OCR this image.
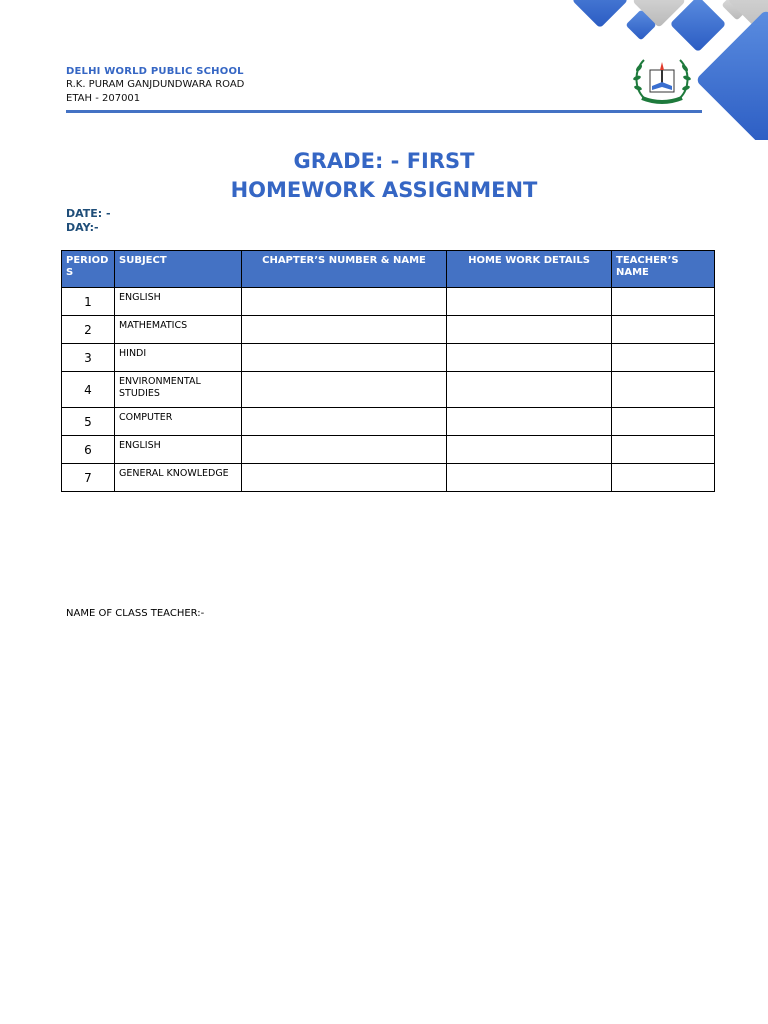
DELHI WORLD PUBLIC SCHOOL
R.K. PURAM GANJDUNDWARA ROAD
ETAH - 207001
GRADE: - FIRST
HOMEWORK ASSIGNMENT
DATE: -
DAY:-
PERIOD S	SUBJECT	CHAPTER’S NUMBER & NAME	HOME WORK DETAILS	TEACHER’S NAME
1	ENGLISH			
2	MATHEMATICS			
3	HINDI			
4	ENVIRONMENTAL STUDIES			
5	COMPUTER			
6	ENGLISH			
7	GENERAL KNOWLEDGE			
NAME OF CLASS TEACHER:-
